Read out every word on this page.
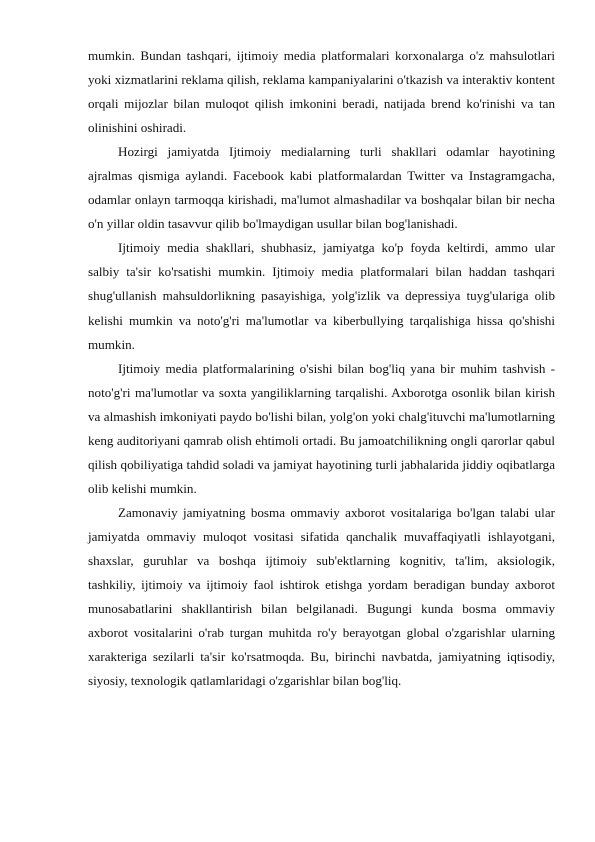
mumkin. Bundan tashqari, ijtimoiy media platformalari korxonalarga o'z mahsulotlari yoki xizmatlarini reklama qilish, reklama kampaniyalarini o'tkazish va interaktiv kontent orqali mijozlar bilan muloqot qilish imkonini beradi, natijada brend ko'rinishi va tan olinishini oshiradi.

Hozirgi jamiyatda Ijtimoiy medialarning turli shakllari odamlar hayotining ajralmas qismiga aylandi. Facebook kabi platformalardan Twitter va Instagramgacha, odamlar onlayn tarmoqqa kirishadi, ma'lumot almashadilar va boshqalar bilan bir necha o'n yillar oldin tasavvur qilib bo'lmaydigan usullar bilan bog'lanishadi.

Ijtimoiy media shakllari, shubhasiz, jamiyatga ko'p foyda keltirdi, ammo ular salbiy ta'sir ko'rsatishi mumkin. Ijtimoiy media platformalari bilan haddan tashqari shug'ullanish mahsuldorlikning pasayishiga, yolg'izlik va depressiya tuyg'ulariga olib kelishi mumkin va noto'g'ri ma'lumotlar va kiberbullying tarqalishiga hissa qo'shishi mumkin.

Ijtimoiy media platformalarining o'sishi bilan bog'liq yana bir muhim tashvish - noto'g'ri ma'lumotlar va soxta yangiliklarning tarqalishi. Axborotga osonlik bilan kirish va almashish imkoniyati paydo bo'lishi bilan, yolg'on yoki chalg'ituvchi ma'lumotlarning keng auditoriyani qamrab olish ehtimoli ortadi. Bu jamoatchilikning ongli qarorlar qabul qilish qobiliyatiga tahdid soladi va jamiyat hayotining turli jabhalarida jiddiy oqibatlarga olib kelishi mumkin.

Zamonaviy jamiyatning bosma ommaviy axborot vositalariga bo'lgan talabi ular jamiyatda ommaviy muloqot vositasi sifatida qanchalik muvaffaqiyatli ishlayotgani, shaxslar, guruhlar va boshqa ijtimoiy sub'ektlarning kognitiv, ta'lim, aksiologik, tashkiliy, ijtimoiy va ijtimoiy faol ishtirok etishga yordam beradigan bunday axborot munosabatlarini shakllantirish bilan belgilanadi. Bugungi kunda bosma ommaviy axborot vositalarini o'rab turgan muhitda ro'y berayotgan global o'zgarishlar ularning xarakteriga sezilarli ta'sir ko'rsatmoqda. Bu, birinchi navbatda, jamiyatning iqtisodiy, siyosiy, texnologik qatlamlaridagi o'zgarishlar bilan bog'liq.
